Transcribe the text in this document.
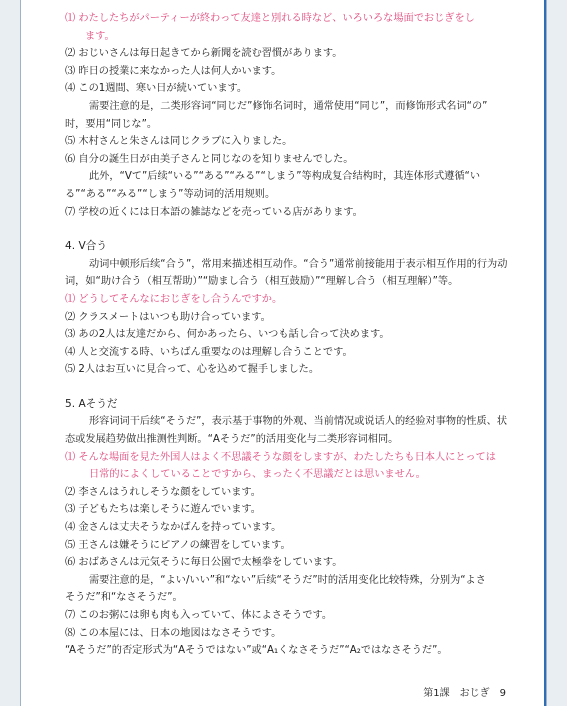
⑴ わたしたちがパーティーが終わって友達と別れる時など、いろいろな場面でおじぎをし
ます。
⑵ おじいさんは毎日起きてから新聞を読む習慣があります。
⑶ 昨日の授業に来なかった人は何人かいます。
⑷ この1週間、寒い日が続いています。
需要注意的是，二类形容词“同じだ”修饰名词时，通常使用“同じ”，而修饰形式名词“の”
时，要用“同じな”。
⑸ 木村さんと朱さんは同じクラブに入りました。
⑹ 自分の誕生日が由美子さんと同じなのを知りませんでした。
此外，“Vて”后续“いる”“ある”“みる”“しまう”等构成复合结构时，其连体形式遵循“い
る”“ある”“みる”“しまう”等动词的活用规则。
⑺ 学校の近くには日本語の雑誌などを売っている店があります。
4. V合う
动词中顿形后续“合う”，常用来描述相互动作。“合う”通常前接能用于表示相互作用的行为动
词，如“助け合う（相互帮助）”“励まし合う（相互鼓励）”“理解し合う（相互理解）”等。
⑴ どうしてそんなにおじぎをし合うんですか。
⑵ クラスメートはいつも助け合っています。
⑶ あの2人は友達だから、何かあったら、いつも話し合って決めます。
⑷ 人と交流する時、いちばん重要なのは理解し合うことです。
⑸ 2人はお互いに見合って、心を込めて握手しました。
5. Aそうだ
形容词词干后续“そうだ”，表示基于事物的外观、当前情况或说话人的经验对事物的性质、状
态或发展趋势做出推测性判断。“Aそうだ”的活用变化与二类形容词相同。
⑴ そんな場面を見た外国人はよく不思議そうな顔をしますが、わたしたちも日本人にとっては
日常的によくしていることですから、まったく不思議だとは思いません。
⑵ 李さんはうれしそうな顔をしています。
⑶ 子どもたちは楽しそうに遊んでいます。
⑷ 金さんは丈夫そうなかばんを持っています。
⑸ 王さんは嫌そうにピアノの練習をしています。
⑹ おばあさんは元気そうに毎日公園で太極拳をしています。
需要注意的是，“よい/いい”和“ない”后续“そうだ”时的活用变化比较特殊，分别为“よさ
そうだ”和“なさそうだ”。
⑺ このお粥には卵も肉も入っていて、体によさそうです。
⑻ この本屋には、日本の地図はなさそうです。
“Aそうだ”的否定形式为“Aそうではない”或“A₁くなさそうだ”“A₂ではなさそうだ”。
第1課　おじぎ　9
